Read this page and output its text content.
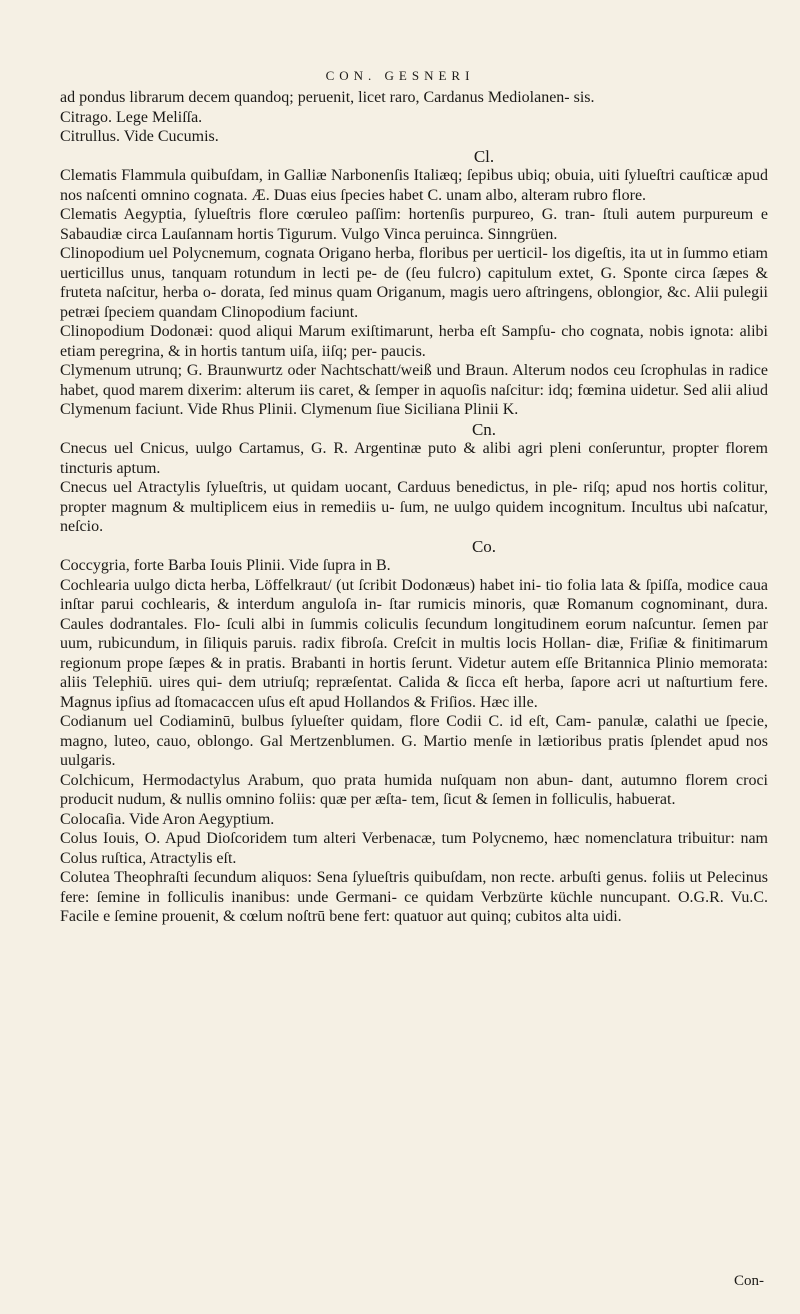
CON. GESNERI

ad pondus librarum decem quandoq; peruenit, licet raro, Cardanus Mediolanen- sis.

Citrago. Lege Meliſſa.

Citrullus. Vide Cucumis.

Cl.

Clematis Flammula quibuſdam, in Galliæ Narbonenſis Italiæq; ſepibus ubiq; obuia, uiti ſylueſtri cauſticæ apud nos naſcenti omnino cognata. Æ. Duas eius ſpecies habet C. unam albo, alteram rubro flore.

Clematis Aegyptia, ſylueſtris flore cœruleo paſſim: hortenſis purpureo, G. tran- ſtuli autem purpureum e Sabaudiæ circa Lauſannam hortis Tigurum. Vulgo Vinca peruinca. Sinngrüen.

Clinopodium uel Polycnemum, cognata Origano herba, floribus per uerticil- los digeſtis, ita ut in ſummo etiam uerticillus unus, tanquam rotundum in lecti pe- de (ſeu fulcro) capitulum extet, G. Sponte circa ſæpes & fruteta naſcitur, herba o- dorata, ſed minus quam Origanum, magis uero aſtringens, oblongior, &c. Alii pulegii petræi ſpeciem quandam Clinopodium faciunt.

Clinopodium Dodonæi: quod aliqui Marum exiſtimarunt, herba eſt Sampſu- cho cognata, nobis ignota: alibi etiam peregrina, & in hortis tantum uiſa, iiſq; per- paucis.

Clymenum utrunq; G. Braunwurtz oder Nachtschatt/weiß und Braun. Alterum nodos ceu ſcrophulas in radice habet, quod marem dixerim: alterum iis caret, & ſemper in aquoſis naſcitur: idq; fœmina uidetur. Sed alii aliud Clymenum faciunt. Vide Rhus Plinii. Clymenum ſiue Siciliana Plinii K.

Cn.

Cnecus uel Cnicus, uulgo Cartamus, G. R. Argentinæ puto & alibi agri pleni conſeruntur, propter florem tincturis aptum.

Cnecus uel Atractylis ſylueſtris, ut quidam uocant, Carduus benedictus, in ple- riſq; apud nos hortis colitur, propter magnum & multiplicem eius in remediis u- ſum, ne uulgo quidem incognitum. Incultus ubi naſcatur, neſcio.

Co.

Coccygria, forte Barba Iouis Plinii. Vide ſupra in B.

Cochlearia uulgo dicta herba, Löffelkraut/ (ut ſcribit Dodonæus) habet ini- tio folia lata & ſpiſſa, modice caua inſtar parui cochlearis, & interdum anguloſa in- ſtar rumicis minoris, quæ Romanum cognominant, dura. Caules dodrantales. Flo- ſculi albi in ſummis coliculis ſecundum longitudinem eorum naſcuntur. ſemen par uum, rubicundum, in ſiliquis paruis. radix fibroſa. Creſcit in multis locis Hollan- diæ, Friſiæ & finitimarum regionum prope ſæpes & in pratis. Brabanti in hortis ſerunt. Videtur autem eſſe Britannica Plinio memorata: aliis Telephiū. uires qui- dem utriuſq; repræſentat. Calida & ſicca eſt herba, ſapore acri ut naſturtium fere. Magnus ipſius ad ſtomacaccen uſus eſt apud Hollandos & Friſios. Hæc ille.

Codianum uel Codiaminū, bulbus ſylueſter quidam, flore Codii C. id eſt, Cam- panulæ, calathi ue ſpecie, magno, luteo, cauo, oblongo. Gal Mertzenblumen. G. Martio menſe in lætioribus pratis ſplendet apud nos uulgaris.

Colchicum, Hermodactylus Arabum, quo prata humida nuſquam non abun- dant, autumno florem croci producit nudum, & nullis omnino foliis: quæ per æſta- tem, ſicut & ſemen in folliculis, habuerat.

Colocaſia. Vide Aron Aegyptium.

Colus Iouis, O. Apud Dioſcoridem tum alteri Verbenacæ, tum Polycnemo, hæc nomenclatura tribuitur: nam Colus ruſtica, Atractylis eſt.

Colutea Theophraſti ſecundum aliquos: Sena ſylueſtris quibuſdam, non recte. arbuſti genus. foliis ut Pelecinus fere: ſemine in folliculis inanibus: unde Germani- ce quidam Verbzürte küchle nuncupant. O.G.R. Vu.C. Facile e ſemine prouenit, & cœlum noſtrū bene fert: quatuor aut quinq; cubitos alta uidi.

Con-
